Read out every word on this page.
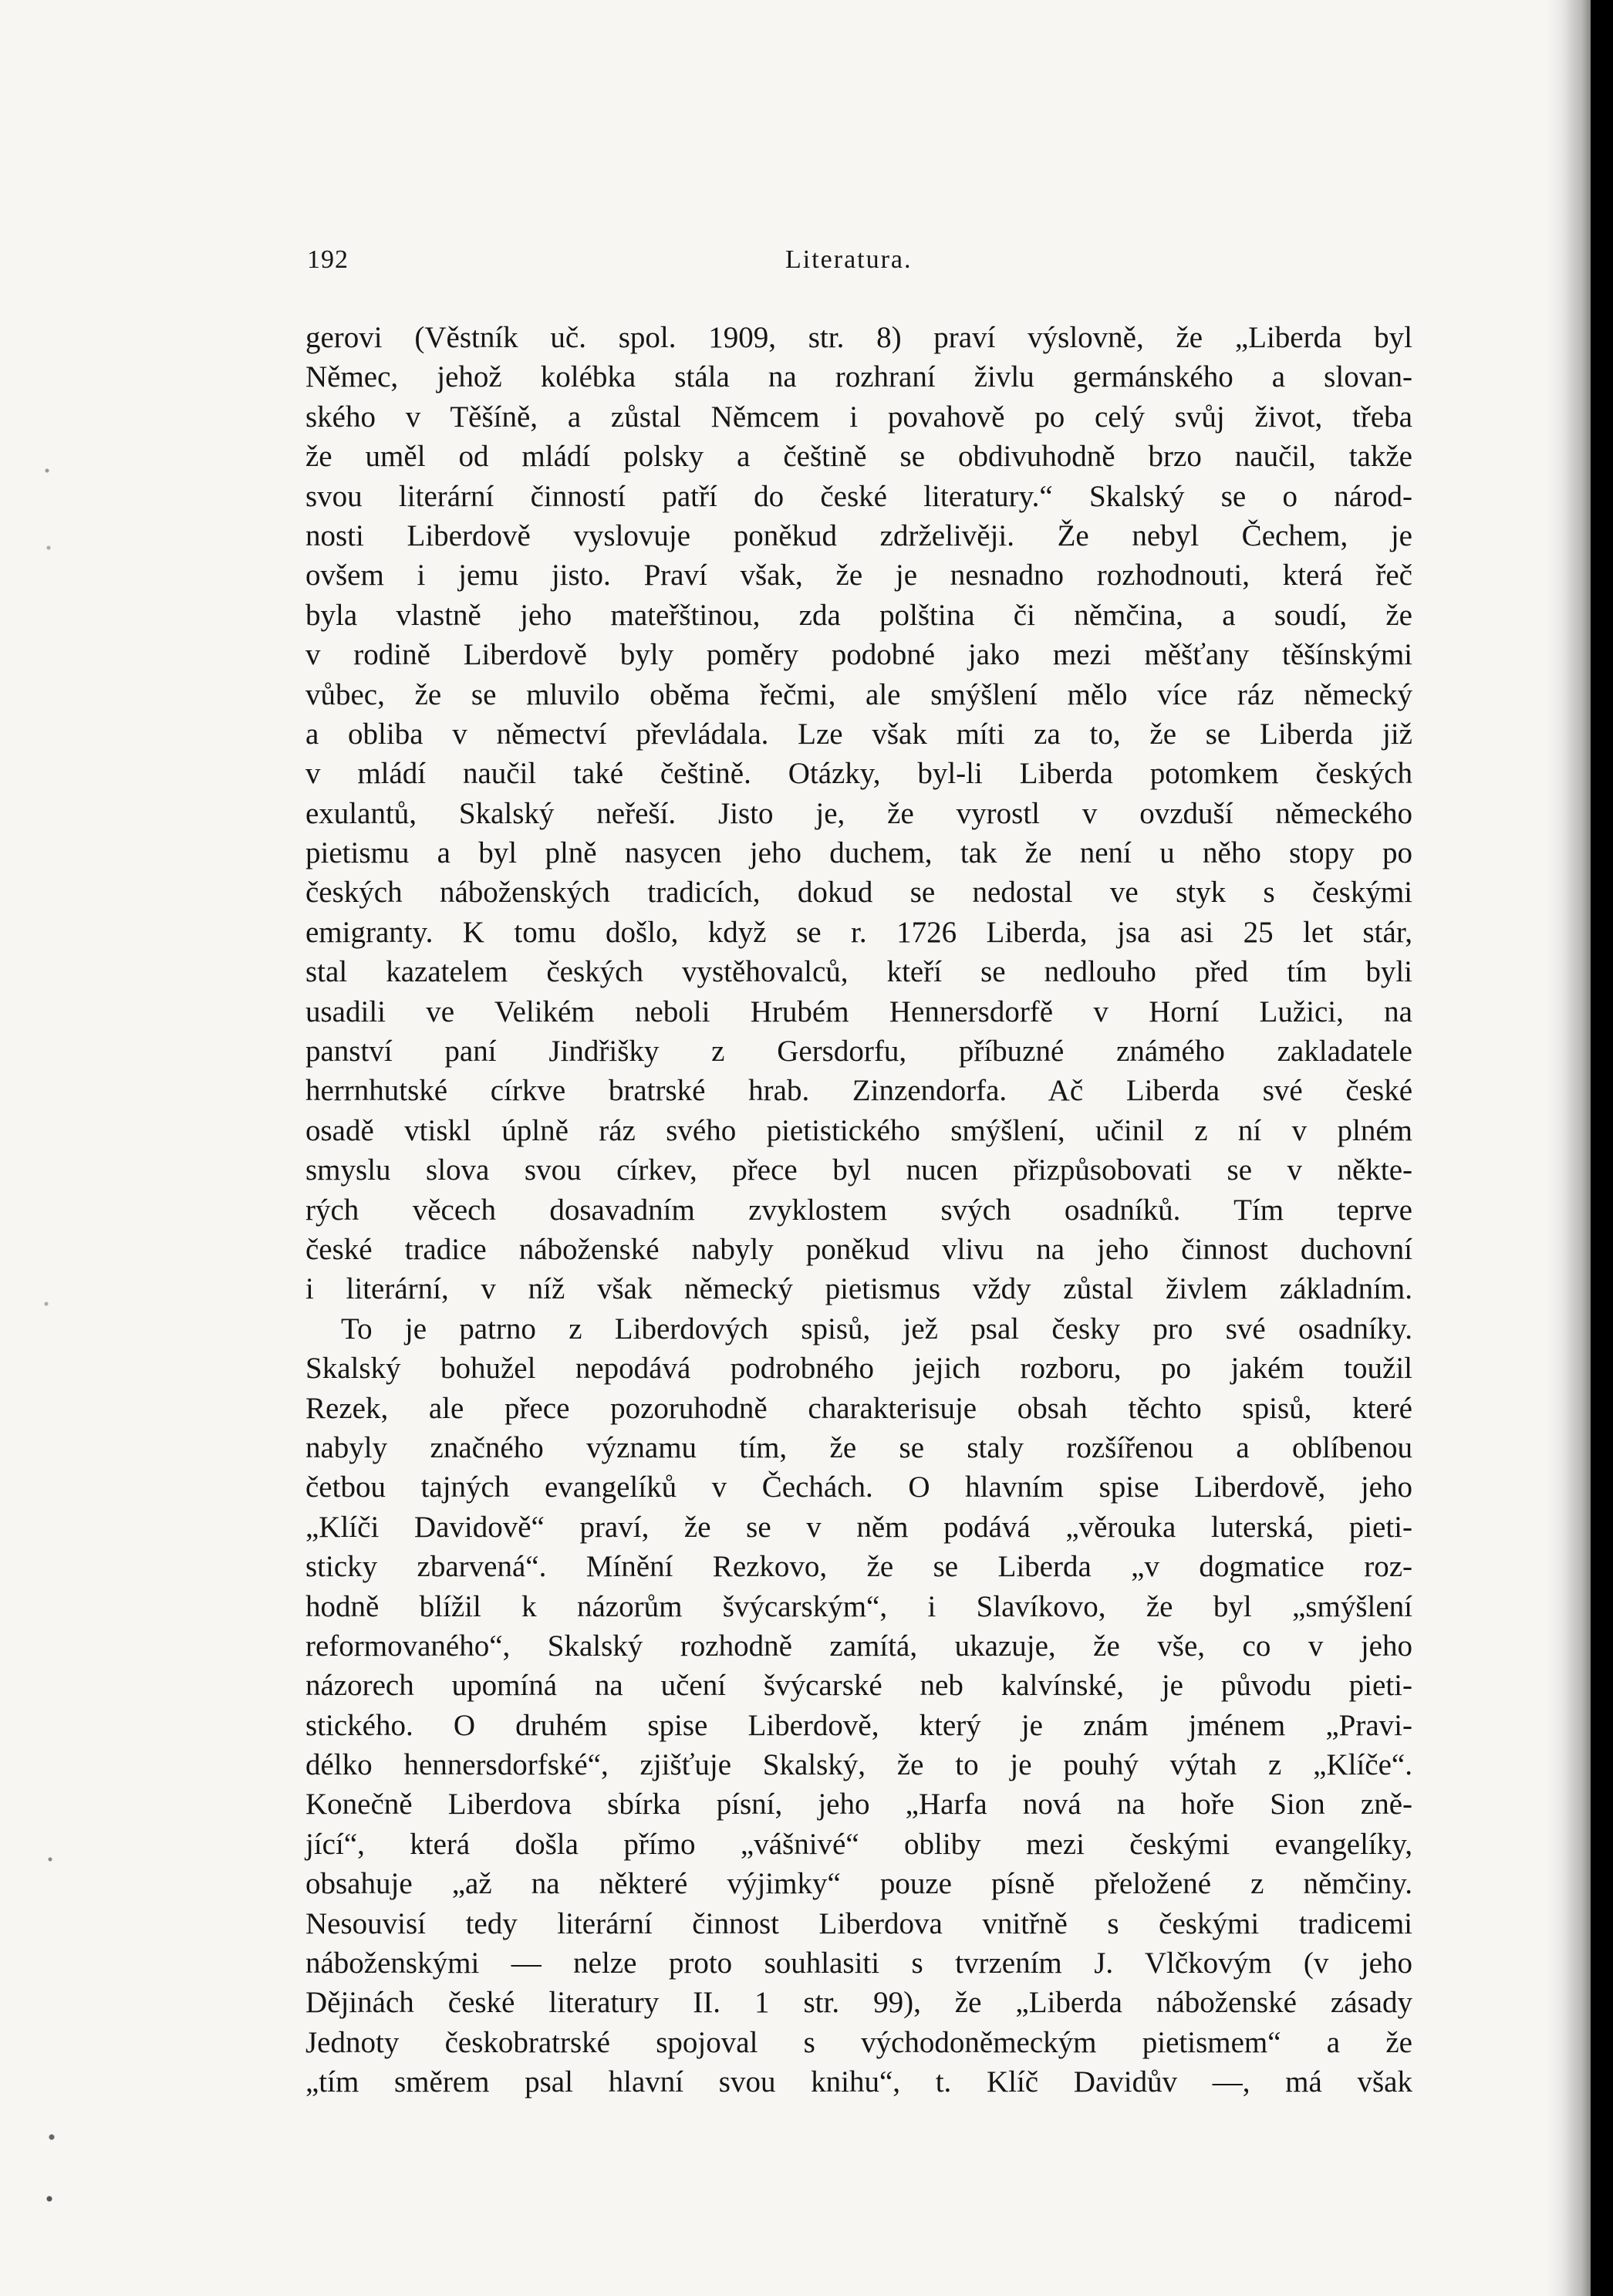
192	Literatura.
gerovi (Věstník uč. spol. 1909, str. 8) praví výslovně, že „Liberda byl
Němec, jehož kolébka stála na rozhraní živlu germánského a slovan-
ského v Těšíně, a zůstal Němcem i povahově po celý svůj život, třeba
že uměl od mládí polsky a češtině se obdivuhodně brzo naučil, takže
svou literární činností patří do české literatury.“ Skalský se o národ-
nosti Liberdově vyslovuje poněkud zdrželivěji. Že nebyl Čechem, je
ovšem i jemu jisto. Praví však, že je nesnadno rozhodnouti, která řeč
byla vlastně jeho mateřštinou, zda polština či němčina, a soudí, že
v rodině Liberdově byly poměry podobné jako mezi měšťany těšínskými
vůbec, že se mluvilo oběma řečmi, ale smýšlení mělo více ráz německý
a obliba v němectví převládala. Lze však míti za to, že se Liberda již
v mládí naučil také češtině. Otázky, byl-li Liberda potomkem českých
exulantů, Skalský neřeší. Jisto je, že vyrostl v ovzduší německého
pietismu a byl plně nasycen jeho duchem, tak že není u něho stopy po
českých náboženských tradicích, dokud se nedostal ve styk s českými
emigranty. K tomu došlo, když se r. 1726 Liberda, jsa asi 25 let stár,
stal kazatelem českých vystěhovalců, kteří se nedlouho před tím byli
usadili ve Velikém neboli Hrubém Hennersdorfě v Horní Lužici, na
panství paní Jindřišky z Gersdorfu, příbuzné známého zakladatele
herrnhutské církve bratrské hrab. Zinzendorfa. Ač Liberda své české
osadě vtiskl úplně ráz svého pietistického smýšlení, učinil z ní v plném
smyslu slova svou církev, přece byl nucen přizpůsobovati se v někte-
rých věcech dosavadním zvyklostem svých osadníků. Tím teprve
české tradice náboženské nabyly poněkud vlivu na jeho činnost duchovní
i literární, v níž však německý pietismus vždy zůstal živlem základním.
To je patrno z Liberdových spisů, jež psal česky pro své osadníky.
Skalský bohužel nepodává podrobného jejich rozboru, po jakém toužil
Rezek, ale přece pozoruhodně charakterisuje obsah těchto spisů, které
nabyly značného významu tím, že se staly rozšířenou a oblíbenou
četbou tajných evangelíků v Čechách. O hlavním spise Liberdově, jeho
„Klíči Davidově“ praví, že se v něm podává „věrouka luterská, pieti-
sticky zbarvená“. Mínění Rezkovo, že se Liberda „v dogmatice roz-
hodně blížil k názorům švýcarským“, i Slavíkovo, že byl „smýšlení
reformovaného“, Skalský rozhodně zamítá, ukazuje, že vše, co v jeho
názorech upomíná na učení švýcarské neb kalvínské, je původu pieti-
stického. O druhém spise Liberdově, který je znám jménem „Pravi-
délko hennersdorfské“, zjišťuje Skalský, že to je pouhý výtah z „Klíče“.
Konečně Liberdova sbírka písní, jeho „Harfa nová na hoře Sion zně-
jící“, která došla přímo „vášnivé“ obliby mezi českými evangelíky,
obsahuje „až na některé výjimky“ pouze písně přeložené z němčiny.
Nesouvisí tedy literární činnost Liberdova vnitřně s českými tradicemi
náboženskými — nelze proto souhlasiti s tvrzením J. Vlčkovým (v jeho
Dějinách české literatury II. 1 str. 99), že „Liberda náboženské zásady
Jednoty českobratrské spojoval s východoněmeckým pietismem“ a že
„tím směrem psal hlavní svou knihu“, t. Klíč Davidův —, má však
